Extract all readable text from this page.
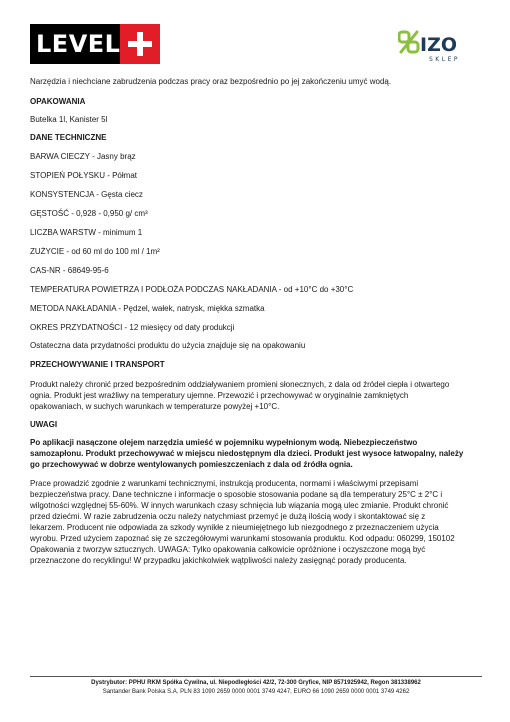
LEVEL	IZO
SKLEP
Narzędzia i niechciane zabrudzenia podczas pracy oraz bezpośrednio po jej zakończeniu umyć wodą.
OPAKOWANIA
Butelka 1l, Kanister 5l
DANE TECHNICZNE
BARWA CIECZY - Jasny brąz
STOPIEŃ POŁYSKU - Półmat
KONSYSTENCJA - Gęsta ciecz
GĘSTOŚĆ - 0,928 - 0,950 g/ cm³
LICZBA WARSTW - minimum 1
ZUŻYCIE - od 60 ml do 100 ml / 1m²
CAS-NR - 68649-95-6
TEMPERATURA POWIETRZA I PODŁOŻA PODCZAS NAKŁADANIA - od +10°C do +30°C
METODA NAKŁADANIA - Pędzel, wałek, natrysk, miękka szmatka
OKRES PRZYDATNOŚCI - 12 miesięcy od daty produkcji
Ostateczna data przydatności produktu do użycia znajduje się na opakowaniu
PRZECHOWYWANIE I TRANSPORT
Produkt należy chronić przed bezpośrednim oddziaływaniem promieni słonecznych, z dala od źródeł ciepła i otwartego
ognia. Produkt jest wrażliwy na temperatury ujemne. Przewozić i przechowywać w oryginalnie zamkniętych
opakowaniach, w suchych warunkach w temperaturze powyżej +10°C.
UWAGI
Po aplikacji nasączone olejem narzędzia umieść w pojemniku wypełnionym wodą. Niebezpieczeństwo
samozapłonu. Produkt przechowywać w miejscu niedostępnym dla dzieci. Produkt jest wysoce łatwopalny, należy
go przechowywać w dobrze wentylowanych pomieszczeniach z dala od źródła ognia.
Prace prowadzić zgodnie z warunkami technicznymi, instrukcją producenta, normami i właściwymi przepisami
bezpieczeństwa pracy. Dane techniczne i informacje o sposobie stosowania podane są dla temperatury 25°C ± 2°C i
wilgotności względnej 55-60%. W innych warunkach czasy schnięcia lub wiązania mogą ulec zmianie. Produkt chronić
przed dziećmi. W razie zabrudzenia oczu należy natychmiast przemyć je dużą ilością wody i skontaktować się z
lekarzem. Producent nie odpowiada za szkody wynikłe z nieumiejętnego lub niezgodnego z przeznaczeniem użycia
wyrobu. Przed użyciem zapoznać się ze szczegółowymi warunkami stosowania produktu. Kod odpadu: 060299, 150102
Opakowania z tworzyw sztucznych. UWAGA: Tylko opakowania całkowicie opróżnione i oczyszczone mogą być
przeznaczone do recyklingu! W przypadku jakichkolwiek wątpliwości należy zasięgnąć porady producenta.
Dystrybutor: PPHU RKM Spółka Cywilna, ul. Niepodległości 42/2, 72-300 Gryfice, NIP 8571925942, Regon 381338962
Santander Bank Polska S.A. PLN 83 1090 2659 0000 0001 3749 4247, EURO 66 1090 2659 0000 0001 3749 4262
